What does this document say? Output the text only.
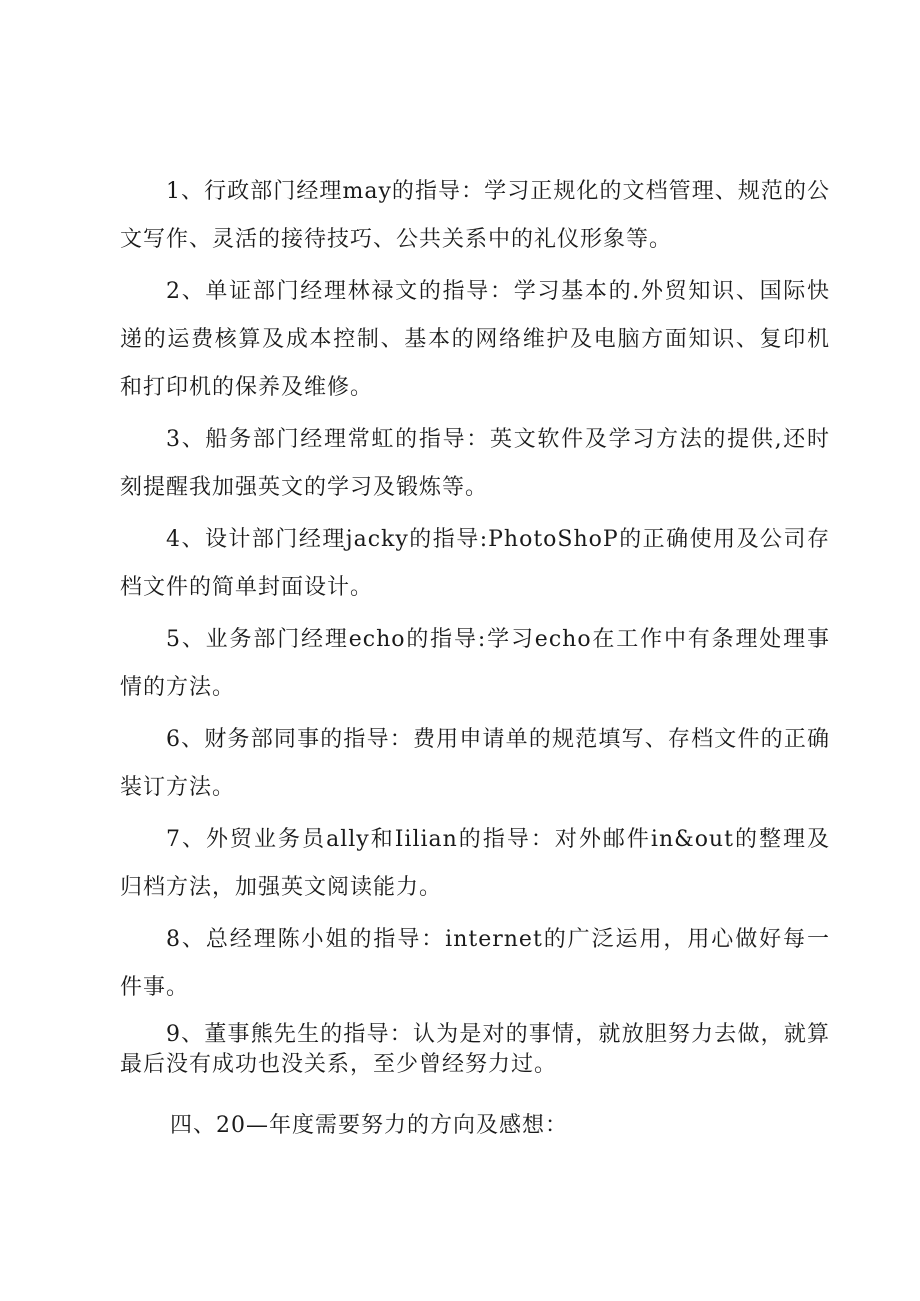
1、行政部门经理may的指导：学习正规化的文档管理、规范的公文写作、灵活的接待技巧、公共关系中的礼仪形象等。

2、单证部门经理林禄文的指导：学习基本的.外贸知识、国际快递的运费核算及成本控制、基本的网络维护及电脑方面知识、复印机和打印机的保养及维修。

3、船务部门经理常虹的指导：英文软件及学习方法的提供,还时刻提醒我加强英文的学习及锻炼等。

4、设计部门经理jacky的指导:PhotoShoP的正确使用及公司存档文件的简单封面设计。

5、业务部门经理echo的指导:学习echo在工作中有条理处理事情的方法。

6、财务部同事的指导：费用申请单的规范填写、存档文件的正确装订方法。

7、外贸业务员ally和Iilian的指导：对外邮件in&out的整理及归档方法，加强英文阅读能力。

8、总经理陈小姐的指导：internet的广泛运用，用心做好每一件事。

9、董事熊先生的指导：认为是对的事情，就放胆努力去做，就算最后没有成功也没关系，至少曾经努力过。

四、20—年度需要努力的方向及感想：
